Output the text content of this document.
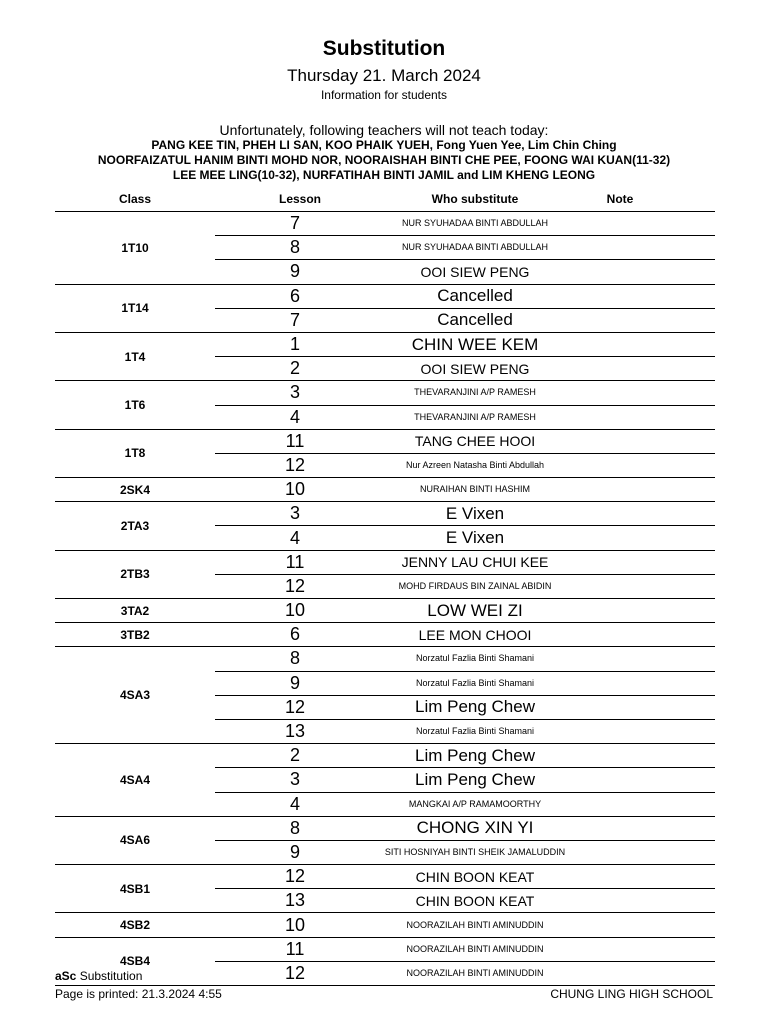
Substitution
Thursday 21. March 2024
Information for students
Unfortunately, following teachers will not teach today:
PANG KEE TIN, PHEH LI SAN, KOO PHAIK YUEH, Fong Yuen Yee, Lim Chin Ching
NOORFAIZATUL HANIM BINTI MOHD NOR, NOORAISHAH BINTI CHE PEE, FOONG WAI KUAN(11-32)
LEE MEE LING(10-32), NURFATIHAH BINTI JAMIL and LIM KHENG LEONG
Class	Lesson	Who substitute	Note
1T10
7	NUR SYUHADAA BINTI ABDULLAH
8	NUR SYUHADAA BINTI ABDULLAH
9	OOI SIEW PENG
1T14
6	Cancelled
7	Cancelled
1T4
1	CHIN WEE KEM
2	OOI SIEW PENG
1T6
3	THEVARANJINI A/P RAMESH
4	THEVARANJINI A/P RAMESH
1T8
11	TANG CHEE HOOI
12	Nur Azreen Natasha Binti Abdullah
2SK4	10	NURAIHAN BINTI HASHIM
2TA3
3	E Vixen
4	E Vixen
2TB3
11	JENNY LAU CHUI KEE
12	MOHD FIRDAUS BIN ZAINAL ABIDIN
3TA2	10	LOW WEI ZI
3TB2	6	LEE MON CHOOI
4SA3
8	Norzatul Fazlia Binti Shamani
9	Norzatul Fazlia Binti Shamani
12	Lim Peng Chew
13	Norzatul Fazlia Binti Shamani
4SA4
2	Lim Peng Chew
3	Lim Peng Chew
4	MANGKAI A/P RAMAMOORTHY
4SA6
8	CHONG XIN YI
9	SITI HOSNIYAH BINTI SHEIK JAMALUDDIN
4SB1
12	CHIN BOON KEAT
13	CHIN BOON KEAT
4SB2	10	NOORAZILAH BINTI AMINUDDIN
4SB4
11	NOORAZILAH BINTI AMINUDDIN
12	NOORAZILAH BINTI AMINUDDIN
aSc Substitution
Page is printed: 21.3.2024 4:55	CHUNG LING HIGH SCHOOL
